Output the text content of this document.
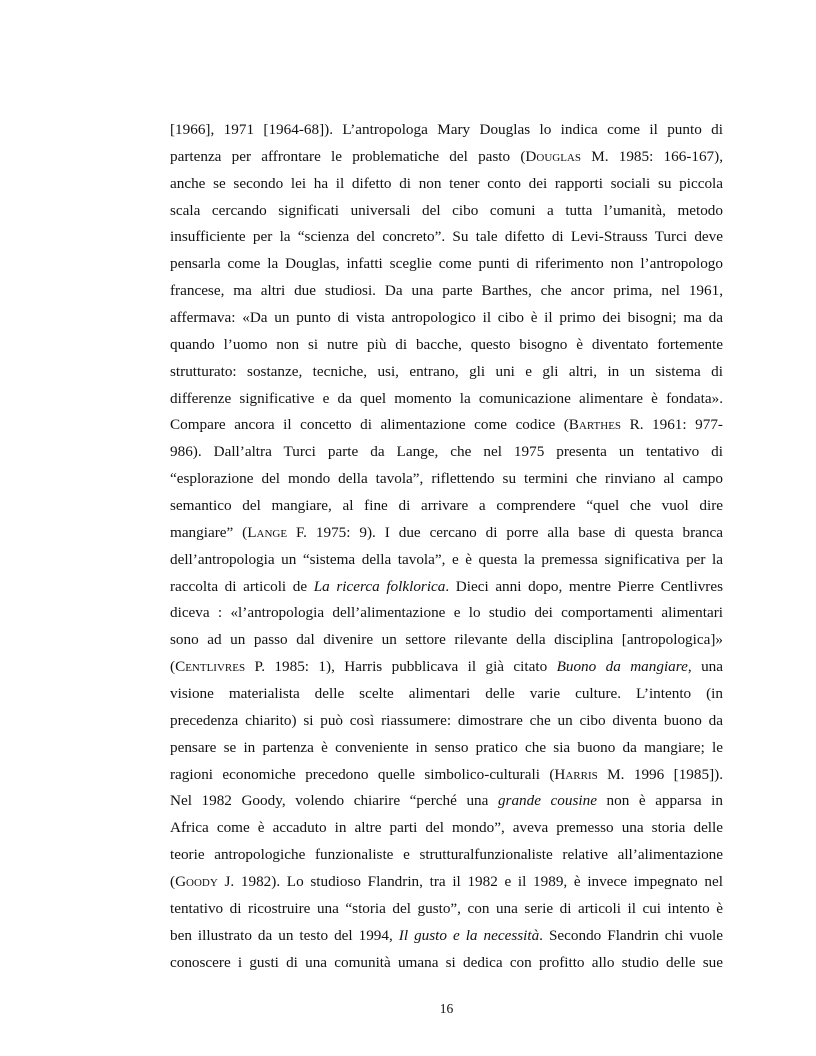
[1966], 1971 [1964-68]). L’antropologa Mary Douglas lo indica come il punto di
partenza per affrontare le problematiche del pasto (Douglas M. 1985: 166-167),
anche se secondo lei ha il difetto di non tener conto dei rapporti sociali su piccola
scala cercando significati universali del cibo comuni a tutta l’umanità, metodo
insufficiente per la “scienza del concreto”. Su tale difetto di Levi-Strauss Turci deve
pensarla come la Douglas, infatti sceglie come punti di riferimento non l’antropologo
francese, ma altri due studiosi. Da una parte Barthes, che ancor prima, nel 1961,
affermava: «Da un punto di vista antropologico il cibo è il primo dei bisogni; ma da
quando l’uomo non si nutre più di bacche, questo bisogno è diventato fortemente
strutturato: sostanze, tecniche, usi, entrano, gli uni e gli altri, in un sistema di
differenze significative e da quel momento la comunicazione alimentare è fondata».
Compare ancora il concetto di alimentazione come codice (Barthes R. 1961: 977-
986). Dall’altra Turci parte da Lange, che nel 1975 presenta un tentativo di
“esplorazione del mondo della tavola”, riflettendo su termini che rinviano al campo
semantico del mangiare, al fine di arrivare a comprendere “quel che vuol dire
mangiare” (Lange F. 1975: 9). I due cercano di porre alla base di questa branca
dell’antropologia un “sistema della tavola”, e è questa la premessa significativa per la
raccolta di articoli de La ricerca folklorica. Dieci anni dopo, mentre Pierre Centlivres
diceva : «l’antropologia dell’alimentazione e lo studio dei comportamenti alimentari
sono ad un passo dal divenire un settore rilevante della disciplina [antropologica]»
(Centlivres P. 1985: 1), Harris pubblicava il già citato Buono da mangiare, una
visione materialista delle scelte alimentari delle varie culture. L’intento (in
precedenza chiarito) si può così riassumere: dimostrare che un cibo diventa buono da
pensare se in partenza è conveniente in senso pratico che sia buono da mangiare; le
ragioni economiche precedono quelle simbolico-culturali (Harris M. 1996 [1985]).
Nel 1982 Goody, volendo chiarire “perché una grande cousine non è apparsa in
Africa come è accaduto in altre parti del mondo”, aveva premesso una storia delle
teorie antropologiche funzionaliste e strutturalfunzionaliste relative all’alimentazione
(Goody J. 1982). Lo studioso Flandrin, tra il 1982 e il 1989, è invece impegnato nel
tentativo di ricostruire una “storia del gusto”, con una serie di articoli il cui intento è
ben illustrato da un testo del 1994, Il gusto e la necessità. Secondo Flandrin chi vuole
conoscere i gusti di una comunità umana si dedica con profitto allo studio delle sue
16
